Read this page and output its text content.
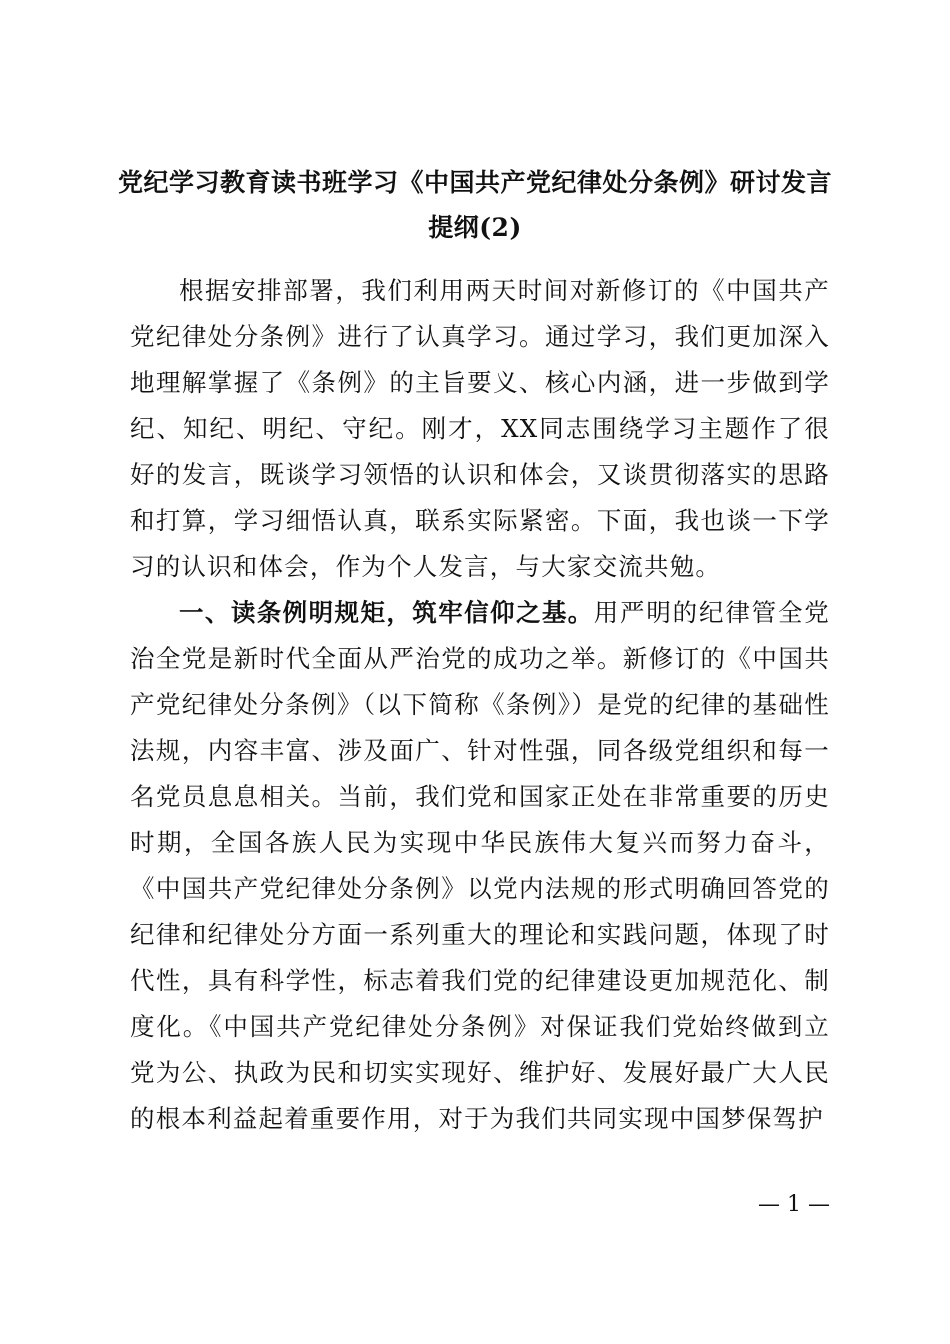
党纪学习教育读书班学习《中国共产党纪律处分条例》研讨发言
提纲(2)

根据安排部署，我们利用两天时间对新修订的《中国共产党纪律处分条例》进行了认真学习。通过学习，我们更加深入地理解掌握了《条例》的主旨要义、核心内涵，进一步做到学纪、知纪、明纪、守纪。刚才，XX同志围绕学习主题作了很好的发言，既谈学习领悟的认识和体会，又谈贯彻落实的思路和打算，学习细悟认真，联系实际紧密。下面，我也谈一下学习的认识和体会，作为个人发言，与大家交流共勉。

一、读条例明规矩，筑牢信仰之基。用严明的纪律管全党治全党是新时代全面从严治党的成功之举。新修订的《中国共产党纪律处分条例》（以下简称《条例》）是党的纪律的基础性法规，内容丰富、涉及面广、针对性强，同各级党组织和每一名党员息息相关。当前，我们党和国家正处在非常重要的历史时期，全国各族人民为实现中华民族伟大复兴而努力奋斗，《中国共产党纪律处分条例》以党内法规的形式明确回答党的纪律和纪律处分方面一系列重大的理论和实践问题，体现了时代性，具有科学性，标志着我们党的纪律建设更加规范化、制度化。《中国共产党纪律处分条例》对保证我们党始终做到立党为公、执政为民和切实实现好、维护好、发展好最广大人民的根本利益起着重要作用，对于为我们共同实现中国梦保驾护

— 1 —
